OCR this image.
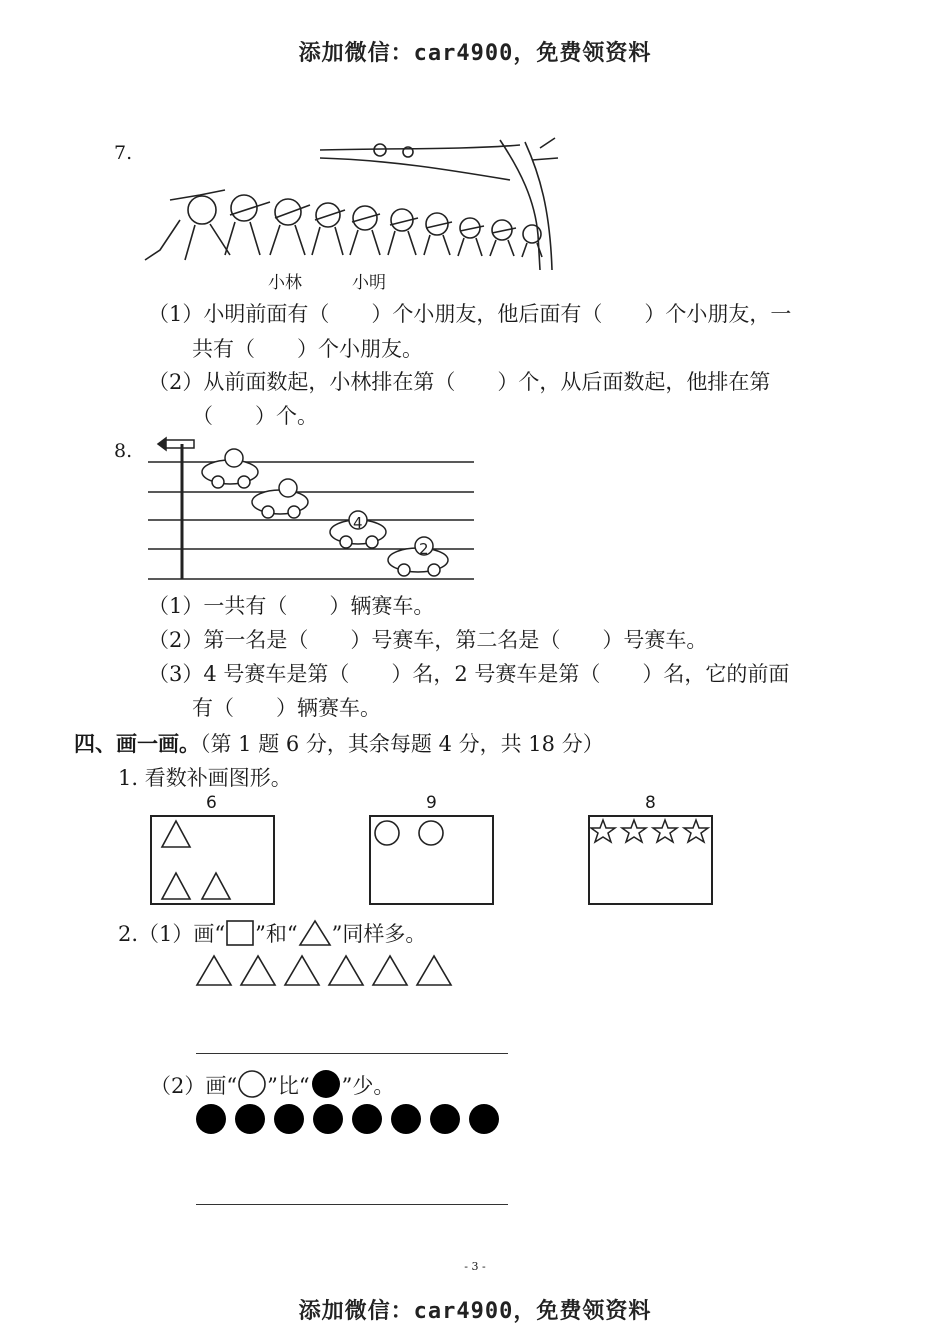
添加微信：car4900，免费领资料
7.
小林	小明
（1）小明前面有（　　）个小朋友，他后面有（　　）个小朋友，一
共有（　　）个小朋友。
（2）从前面数起，小林排在第（　　）个，从后面数起，他排在第
（　　）个。
8.
4
2
（1）一共有（　　）辆赛车。
（2）第一名是（　　）号赛车，第二名是（　　）号赛车。
（3）4 号赛车是第（　　）名，2 号赛车是第（　　）名，它的前面
有（　　）辆赛车。
四、画一画。（第 1 题 6 分，其余每题 4 分，共 18 分）
1. 看数补画图形。
6	9	8
2.（1）画“ ”和“ ”同样多。
（2）画“ ”比“ ”少。
- 3 -
添加微信：car4900，免费领资料
